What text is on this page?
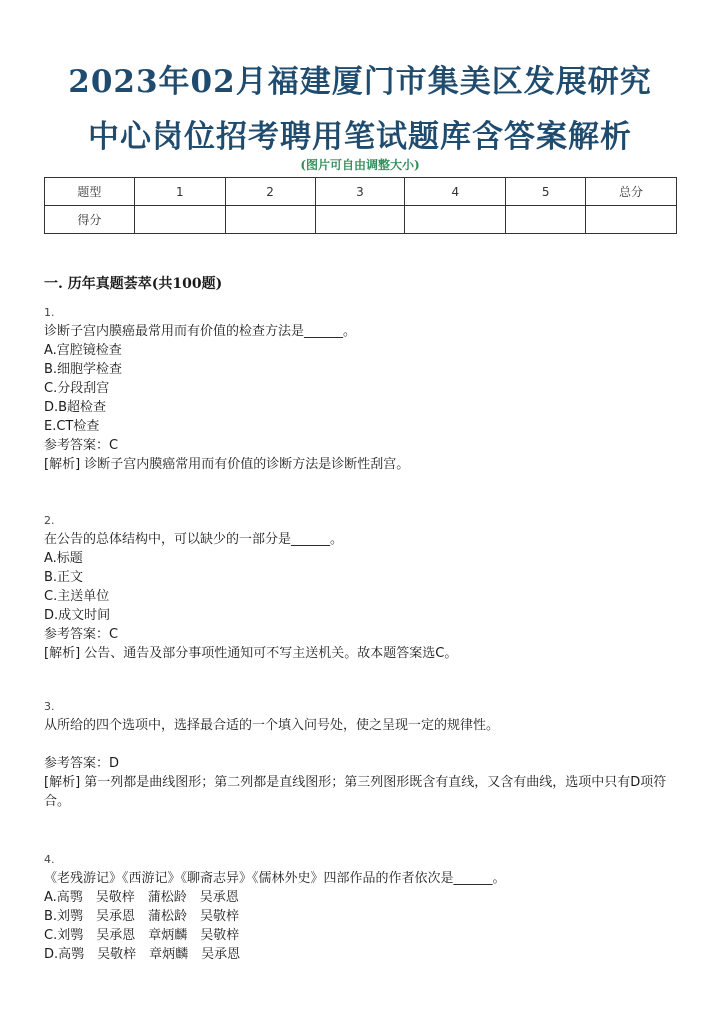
2023年02月福建厦门市集美区发展研究
中心岗位招考聘用笔试题库含答案解析
(图片可自由调整大小)
题型	1	2	3	4	5	总分
得分						
一. 历年真题荟萃(共100题)
1.
诊断子宫内膜癌最常用而有价值的检查方法是______。
A.宫腔镜检查
B.细胞学检查
C.分段刮宫
D.B超检查
E.CT检查
参考答案：C
[解析] 诊断子宫内膜癌常用而有价值的诊断方法是诊断性刮宫。
2.
在公告的总体结构中，可以缺少的一部分是______。
A.标题
B.正文
C.主送单位
D.成文时间
参考答案：C
[解析] 公告、通告及部分事项性通知可不写主送机关。故本题答案选C。
3.
从所给的四个选项中，选择最合适的一个填入问号处，使之呈现一定的规律性。
参考答案：D
[解析] 第一列都是曲线图形；第二列都是直线图形；第三列图形既含有直线，又含有曲线，选项中只有D项符合。
4.
《老残游记》《西游记》《聊斋志异》《儒林外史》四部作品的作者依次是______。
A.高鹗　吴敬梓　蒲松龄　吴承恩
B.刘鹗　吴承恩　蒲松龄　吴敬梓
C.刘鹗　吴承恩　章炳麟　吴敬梓
D.高鹗　吴敬梓　章炳麟　吴承恩
